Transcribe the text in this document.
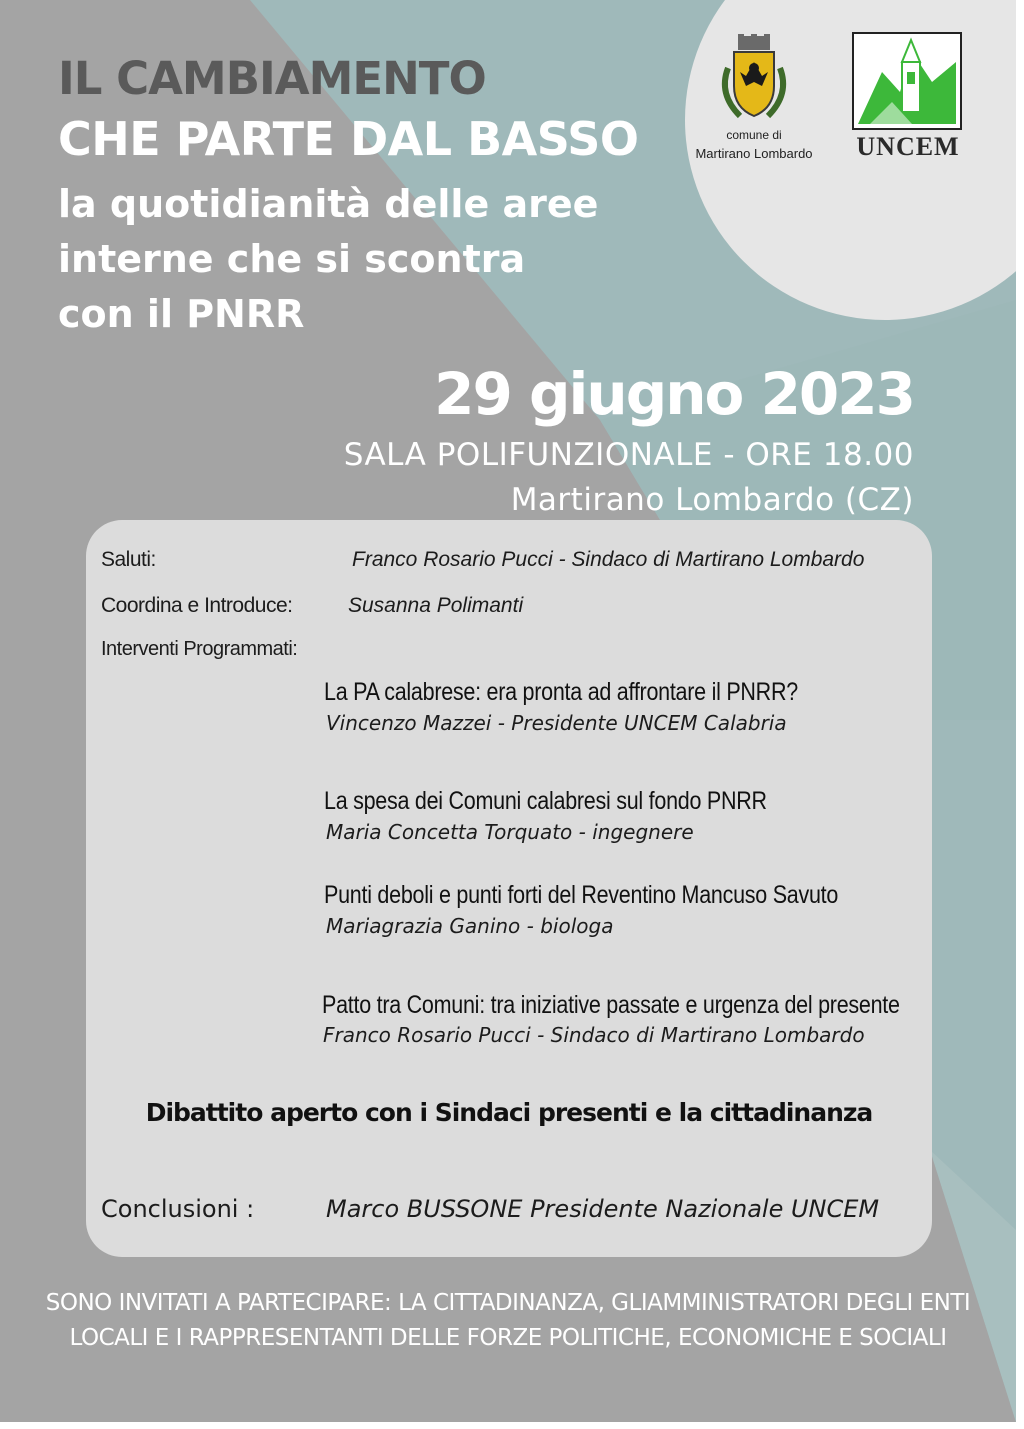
comune di
Martirano Lombardo	UNCEM
IL CAMBIAMENTO
CHE PARTE DAL BASSO
la quotidianità delle aree
interne che si scontra
con il PNRR
29 giugno 2023
SALA POLIFUNZIONALE - ORE 18.00
Martirano Lombardo (CZ)
Saluti:	Franco Rosario Pucci - Sindaco di Martirano Lombardo
Coordina e Introduce:	Susanna Polimanti
Interventi Programmati:
La PA calabrese: era pronta ad affrontare il PNRR?
Vincenzo Mazzei - Presidente UNCEM Calabria
La spesa dei Comuni calabresi sul fondo PNRR
Maria Concetta Torquato - ingegnere
Punti deboli e punti forti del Reventino Mancuso Savuto
Mariagrazia Ganino - biologa
Patto tra Comuni: tra iniziative passate e urgenza del presente
Franco Rosario Pucci - Sindaco di Martirano Lombardo
Dibattito aperto con i Sindaci presenti e la cittadinanza
Conclusioni :	Marco BUSSONE Presidente Nazionale UNCEM
SONO INVITATI A PARTECIPARE: LA CITTADINANZA, GLIAMMINISTRATORI DEGLI ENTI
LOCALI E I RAPPRESENTANTI DELLE FORZE POLITICHE, ECONOMICHE E SOCIALI
